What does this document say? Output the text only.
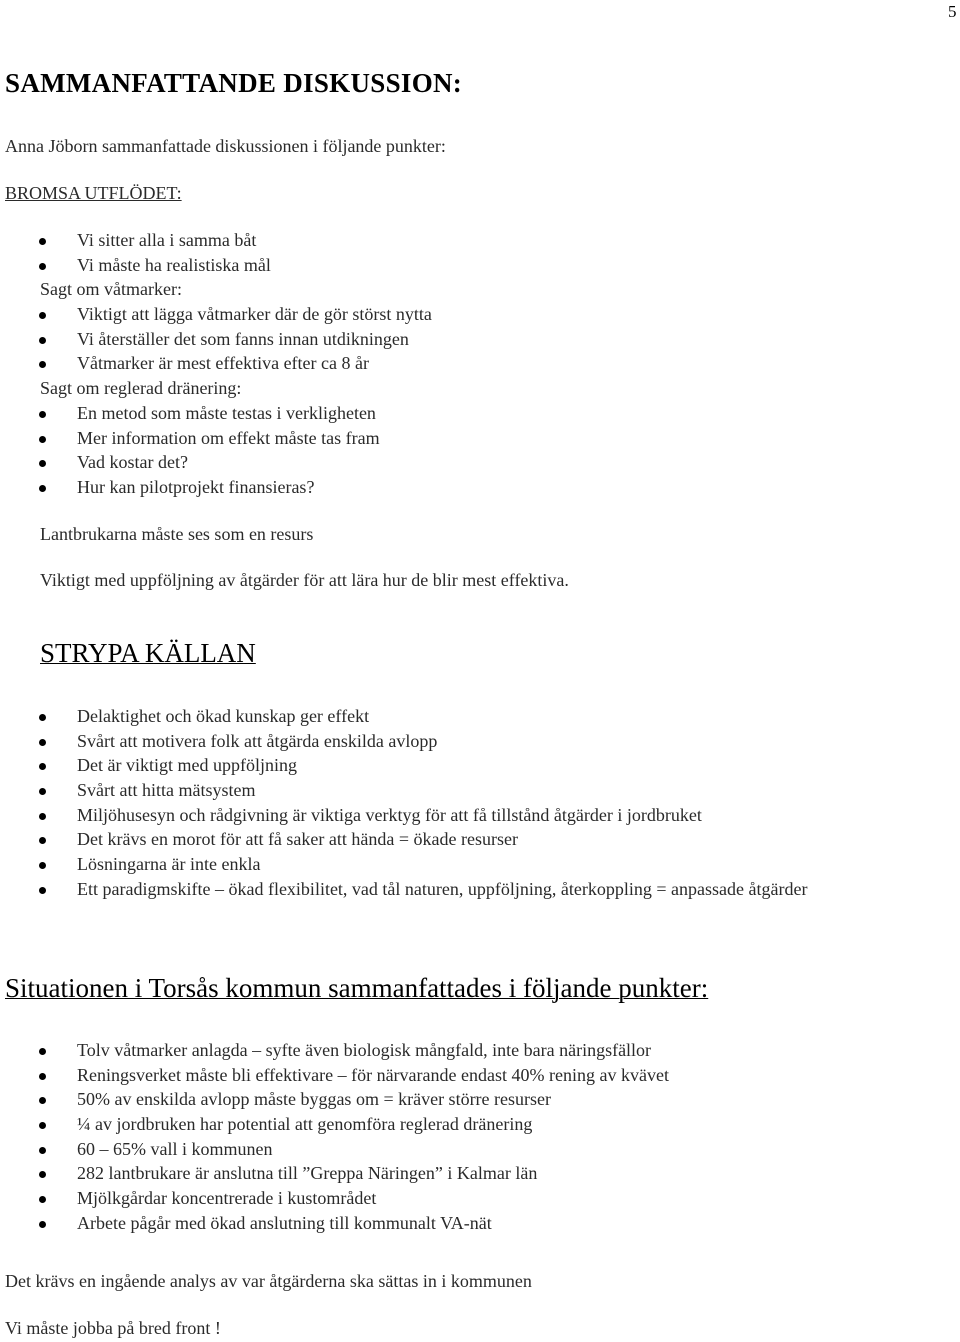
5
SAMMANFATTANDE DISKUSSION:
Anna Jöborn sammanfattade diskussionen i följande punkter:
BROMSA UTFLÖDET:
Vi sitter alla i samma båt
Vi måste ha realistiska mål
Sagt om våtmarker:
Viktigt att lägga våtmarker där de gör störst nytta
Vi återställer det som fanns innan utdikningen
Våtmarker är mest effektiva efter ca 8 år
Sagt om reglerad dränering:
En metod som måste testas i verkligheten
Mer information om effekt måste tas fram
Vad kostar det?
Hur kan pilotprojekt finansieras?
Lantbrukarna måste ses som en resurs
Viktigt med uppföljning av åtgärder för att lära hur de blir mest effektiva.
STRYPA KÄLLAN
Delaktighet och ökad kunskap ger effekt
Svårt att motivera folk att åtgärda enskilda avlopp
Det är viktigt med uppföljning
Svårt att hitta mätsystem
Miljöhusesyn och rådgivning är viktiga verktyg för att få tillstånd åtgärder i jordbruket
Det krävs en morot för att få saker att hända = ökade resurser
Lösningarna är inte enkla
Ett paradigmskifte – ökad flexibilitet, vad tål naturen, uppföljning, återkoppling = anpassade åtgärder
Situationen i Torsås kommun sammanfattades i följande punkter:
Tolv våtmarker anlagda – syfte även biologisk mångfald, inte bara näringsfällor
Reningsverket måste bli effektivare – för närvarande endast 40% rening av kvävet
50% av enskilda avlopp måste byggas om = kräver större resurser
¼ av jordbruken har potential att genomföra reglerad dränering
60 – 65% vall i kommunen
282 lantbrukare är anslutna till ”Greppa Näringen” i Kalmar län
Mjölkgårdar koncentrerade i kustområdet
Arbete pågår med ökad anslutning till kommunalt VA-nät
Det krävs en ingående analys av var åtgärderna ska sättas in i kommunen
Vi måste jobba på bred front !
